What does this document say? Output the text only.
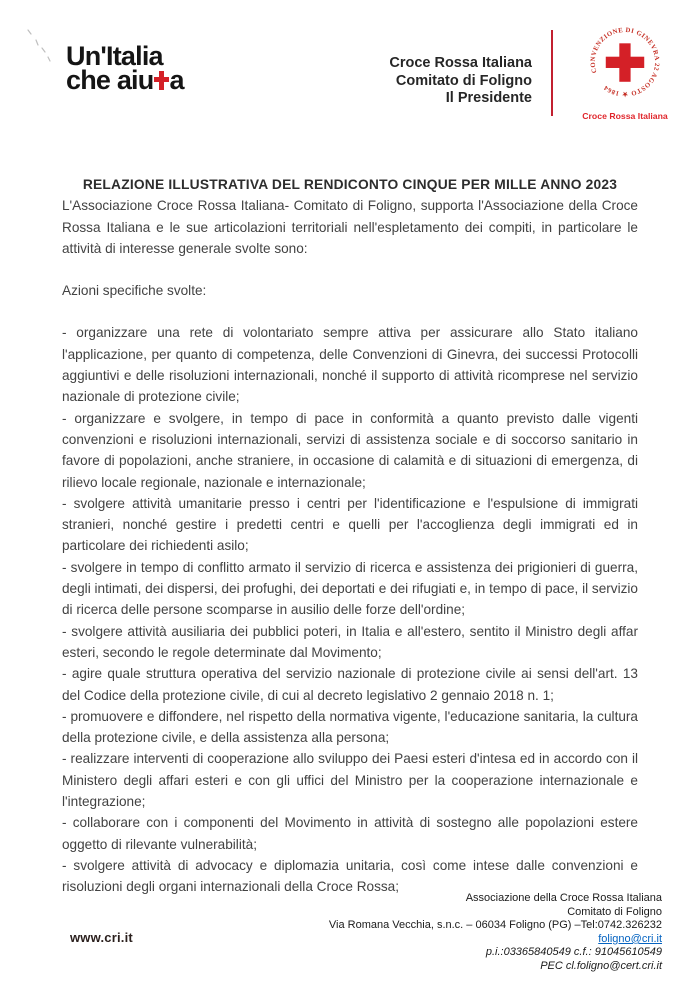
Un'Italia
che aiu a
Croce Rossa Italiana
Comitato di Foligno
Il Presidente
CONVENZIONE DI GINEVRA 22 AGOSTO ★ 1864
Croce Rossa Italiana

RELAZIONE ILLUSTRATIVA DEL RENDICONTO CINQUE PER MILLE ANNO 2023

L'Associazione Croce Rossa Italiana- Comitato di Foligno, supporta l'Associazione della Croce Rossa Italiana e le sue articolazioni territoriali nell'espletamento dei compiti, in particolare le attività di interesse generale svolte sono:

Azioni specifiche svolte:

- organizzare una rete di volontariato sempre attiva per assicurare allo Stato italiano l'applicazione, per quanto di competenza, delle Convenzioni di Ginevra, dei successi Protocolli aggiuntivi e delle risoluzioni internazionali, nonché il supporto di attività ricomprese nel servizio nazionale di protezione civile;

- organizzare e svolgere, in tempo di pace in conformità a quanto previsto dalle vigenti convenzioni e risoluzioni internazionali, servizi di assistenza sociale e di soccorso sanitario in favore di popolazioni, anche straniere, in occasione di calamità e di situazioni di emergenza, di rilievo locale regionale, nazionale e internazionale;

- svolgere attività umanitarie presso i centri per l'identificazione e l'espulsione di immigrati stranieri, nonché gestire i predetti centri e quelli per l'accoglienza degli immigrati ed in particolare dei richiedenti asilo;

- svolgere in tempo di conflitto armato il servizio di ricerca e assistenza dei prigionieri di guerra, degli intimati, dei dispersi, dei profughi, dei deportati e dei rifugiati e, in tempo di pace, il servizio di ricerca delle persone scomparse in ausilio delle forze dell'ordine;

- svolgere attività ausiliaria dei pubblici poteri, in Italia e all'estero, sentito il Ministro degli affar esteri, secondo le regole determinate dal Movimento;

- agire quale struttura operativa del servizio nazionale di protezione civile ai sensi dell'art. 13 del Codice della protezione civile, di cui al decreto legislativo 2 gennaio 2018 n. 1;

- promuovere e diffondere, nel rispetto della normativa vigente, l'educazione sanitaria, la cultura della protezione civile, e della assistenza alla persona;

- realizzare interventi di cooperazione allo sviluppo dei Paesi esteri d'intesa ed in accordo con il Ministero degli affari esteri e con gli uffici del Ministro per la cooperazione internazionale e l'integrazione;

- collaborare con i componenti del Movimento in attività di sostegno alle popolazioni estere oggetto di rilevante vulnerabilità;

- svolgere attività di advocacy e diplomazia unitaria, così come intese dalle convenzioni e risoluzioni degli organi internazionali della Croce Rossa;

Associazione della Croce Rossa Italiana
Comitato di Foligno
Via Romana Vecchia, s.n.c. – 06034 Foligno (PG) –Tel:0742.326232
foligno@cri.it
p.i.:03365840549 c.f.: 91045610549
PEC cl.foligno@cert.cri.it
www.cri.it
